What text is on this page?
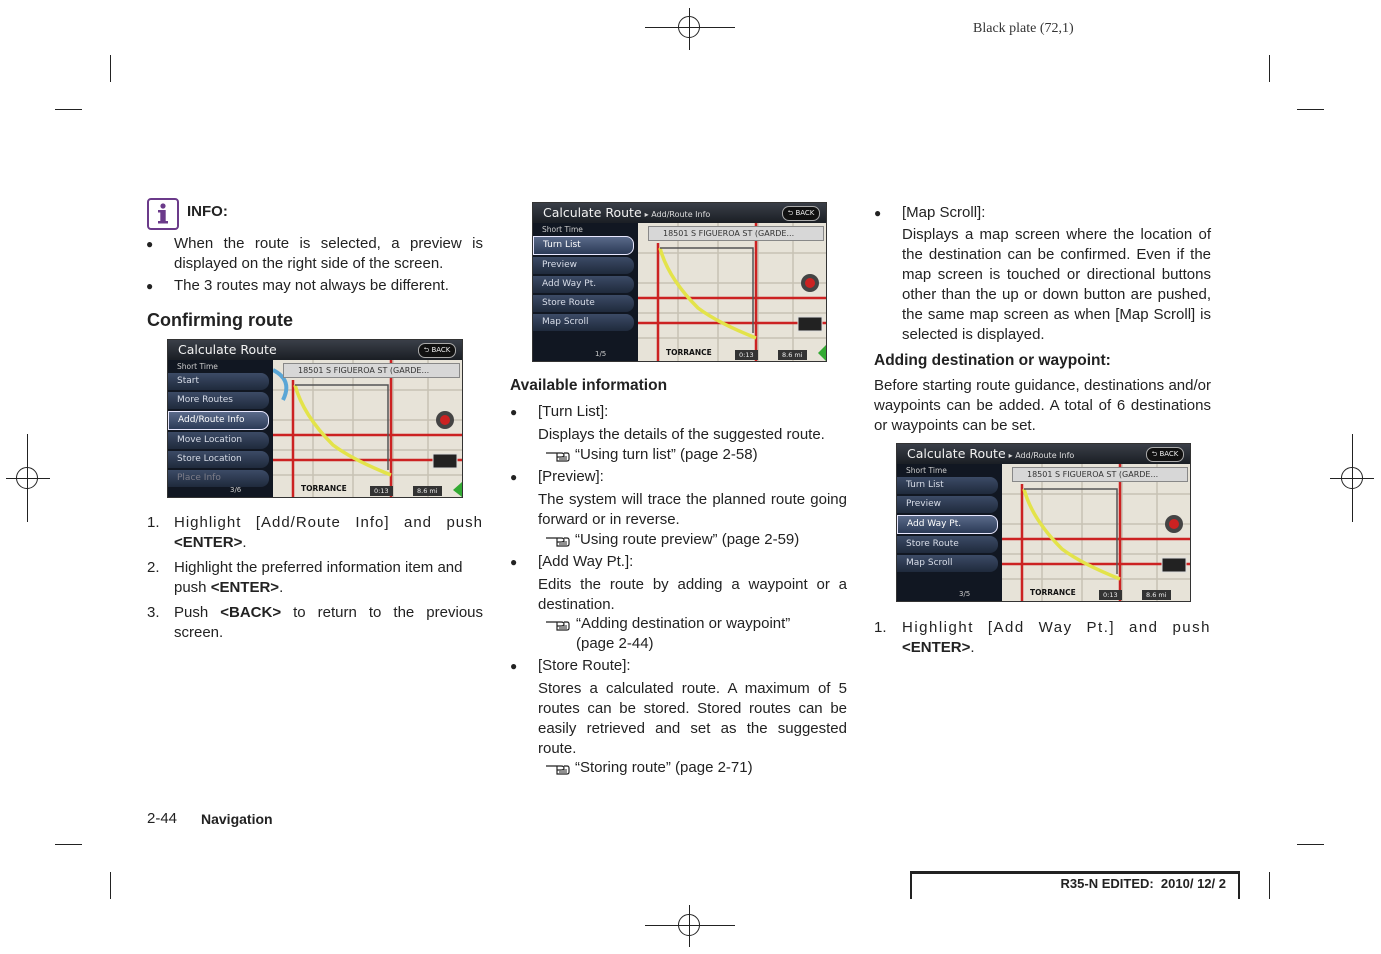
Black plate (72,1)
INFO:
● When the route is selected, a preview is displayed on the right side of the screen.
● The 3 routes may not always be different.
Confirming route
Calculate Route	⮌ BACK
Short Time
Start
More Routes
Add/Route Info
Move Location
Store Location
Place Info
3/6
18501 S FIGUEROA ST (GARDE...
TORRANCE	0:13	8.6 mi
1. Highlight [Add/Route Info] and push <ENTER>.
2. Highlight the preferred information item and push <ENTER>.
3. Push <BACK> to return to the previous screen.
Calculate Route ▸ Add/Route Info	⮌ BACK
Short Time
Turn List
Preview
Add Way Pt.
Store Route
Map Scroll
1/5
18501 S FIGUEROA ST (GARDE...
TORRANCE	0:13	8.6 mi
Available information
● [Turn List]:
Displays the details of the suggested route.
“Using turn list” (page 2-58)
● [Preview]:
The system will trace the planned route going forward or in reverse.
“Using route preview” (page 2-59)
● [Add Way Pt.]:
Edits the route by adding a waypoint or a destination.
“Adding destination or waypoint” (page 2-44)
● [Store Route]:
Stores a calculated route. A maximum of 5 routes can be stored. Stored routes can be easily retrieved and set as the suggested route.
“Storing route” (page 2-71)
● [Map Scroll]:
Displays a map screen where the location of the destination can be confirmed. Even if the map screen is touched or directional buttons other than the up or down button are pushed, the same map screen as when [Map Scroll] is selected is displayed.
Adding destination or waypoint:
Before starting route guidance, destinations and/or waypoints can be added. A total of 6 destinations or waypoints can be set.
Calculate Route ▸ Add/Route Info	⮌ BACK
Short Time
Turn List
Preview
Add Way Pt.
Store Route
Map Scroll
3/5
18501 S FIGUEROA ST (GARDE...
TORRANCE	0:13	8.6 mi
1. Highlight [Add Way Pt.] and push <ENTER>.
2-44 Navigation
R35-N EDITED:  2010/ 12/ 2
